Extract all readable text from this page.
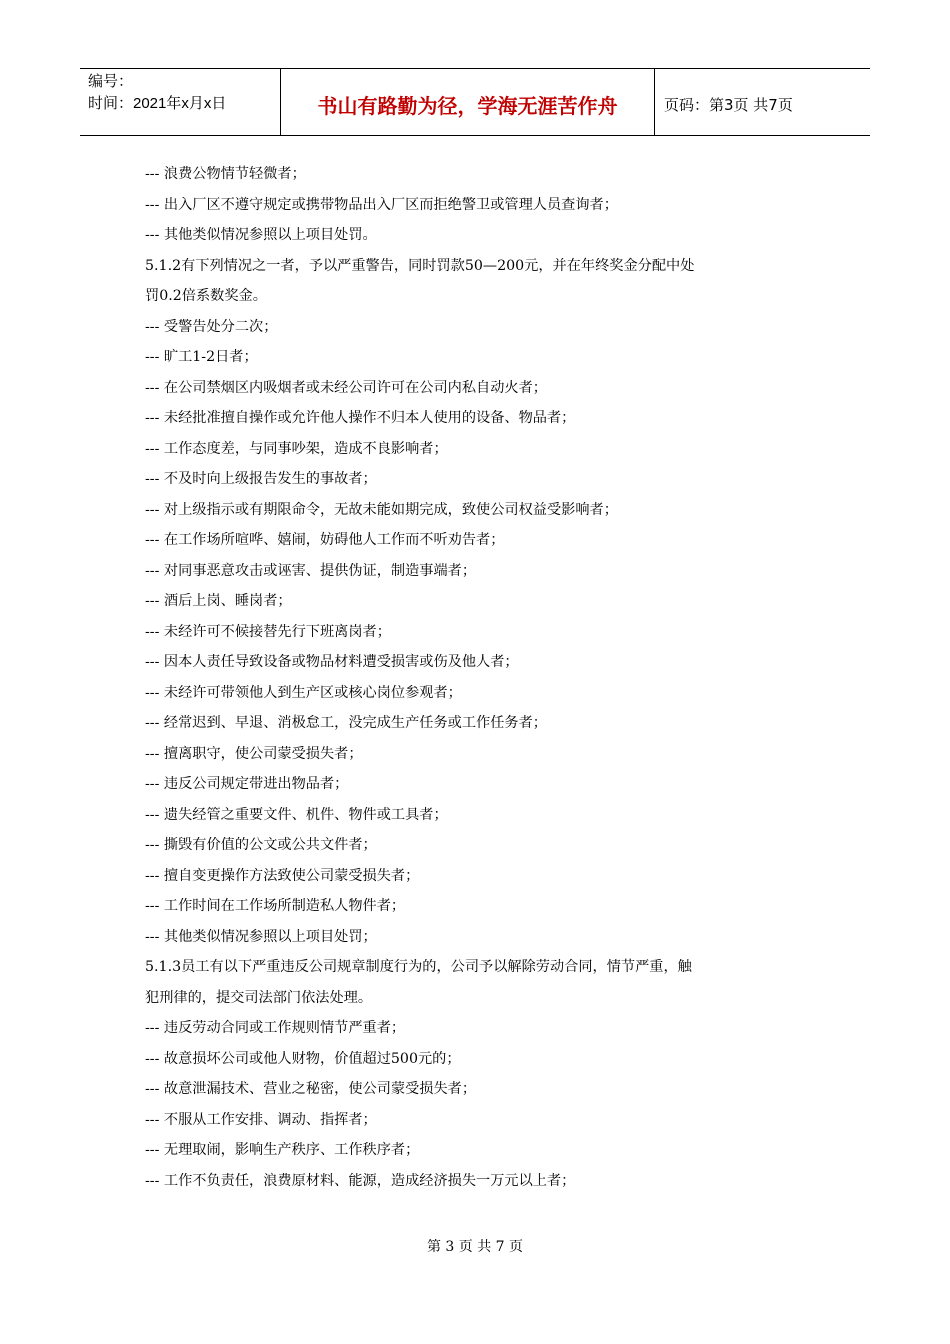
编号：
时间：2021年x月x日	书山有路勤为径，学海无涯苦作舟	页码：第3页 共7页
--- 浪费公物情节轻微者；
--- 出入厂区不遵守规定或携带物品出入厂区而拒绝警卫或管理人员查询者；
--- 其他类似情况参照以上项目处罚。
5.1.2有下列情况之一者，予以严重警告，同时罚款50—200元，并在年终奖金分配中处
罚0.2倍系数奖金。
--- 受警告处分二次；
--- 旷工1-2日者；
--- 在公司禁烟区内吸烟者或未经公司许可在公司内私自动火者；
--- 未经批准擅自操作或允许他人操作不归本人使用的设备、物品者；
--- 工作态度差，与同事吵架，造成不良影响者；
--- 不及时向上级报告发生的事故者；
--- 对上级指示或有期限命令，无故未能如期完成，致使公司权益受影响者；
--- 在工作场所喧哗、嬉闹，妨碍他人工作而不听劝告者；
--- 对同事恶意攻击或诬害、提供伪证，制造事端者；
--- 酒后上岗、睡岗者；
--- 未经许可不候接替先行下班离岗者；
--- 因本人责任导致设备或物品材料遭受损害或伤及他人者；
--- 未经许可带领他人到生产区或核心岗位参观者；
--- 经常迟到、早退、消极怠工，没完成生产任务或工作任务者；
--- 擅离职守，使公司蒙受损失者；
--- 违反公司规定带进出物品者；
--- 遗失经管之重要文件、机件、物件或工具者；
--- 撕毁有价值的公文或公共文件者；
--- 擅自变更操作方法致使公司蒙受损失者；
--- 工作时间在工作场所制造私人物件者；
--- 其他类似情况参照以上项目处罚；
5.1.3员工有以下严重违反公司规章制度行为的，公司予以解除劳动合同，情节严重，触
犯刑律的，提交司法部门依法处理。
--- 违反劳动合同或工作规则情节严重者；
--- 故意损坏公司或他人财物，价值超过500元的；
--- 故意泄漏技术、营业之秘密，使公司蒙受损失者；
--- 不服从工作安排、调动、指挥者；
--- 无理取闹，影响生产秩序、工作秩序者；
--- 工作不负责任，浪费原材料、能源，造成经济损失一万元以上者；
第 3 页 共 7 页
